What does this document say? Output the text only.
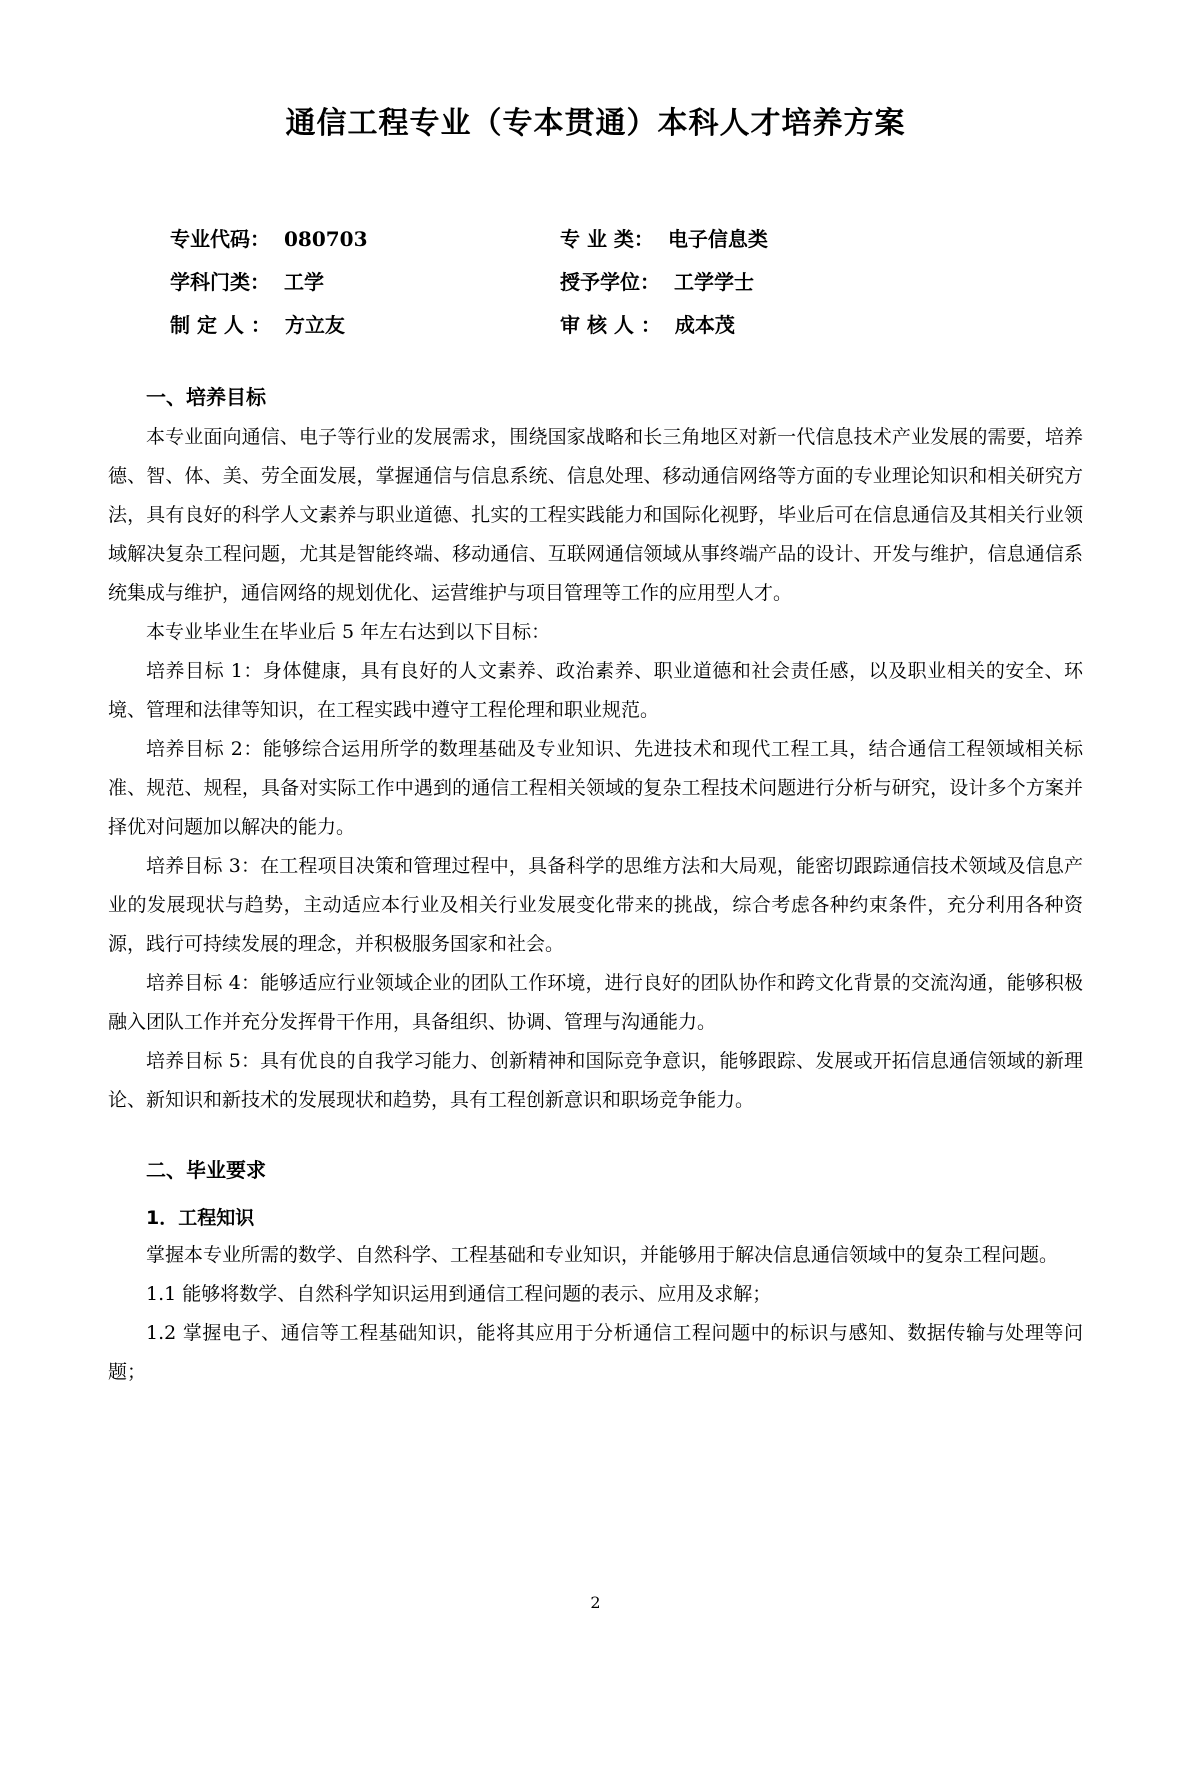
通信工程专业（专本贯通）本科人才培养方案
专业代码： 080703	专 业 类： 电子信息类
学科门类： 工学	授予学位： 工学学士
制 定 人 ： 方立友	审 核 人 ： 成本茂
一、培养目标

本专业面向通信、电子等行业的发展需求，围绕国家战略和长三角地区对新一代信息技术产业发展的需要，培养德、智、体、美、劳全面发展，掌握通信与信息系统、信息处理、移动通信网络等方面的专业理论知识和相关研究方法，具有良好的科学人文素养与职业道德、扎实的工程实践能力和国际化视野，毕业后可在信息通信及其相关行业领域解决复杂工程问题，尤其是智能终端、移动通信、互联网通信领域从事终端产品的设计、开发与维护，信息通信系统集成与维护，通信网络的规划优化、运营维护与项目管理等工作的应用型人才。

本专业毕业生在毕业后 5 年左右达到以下目标：

培养目标 1：身体健康，具有良好的人文素养、政治素养、职业道德和社会责任感，以及职业相关的安全、环境、管理和法律等知识，在工程实践中遵守工程伦理和职业规范。

培养目标 2：能够综合运用所学的数理基础及专业知识、先进技术和现代工程工具，结合通信工程领域相关标准、规范、规程，具备对实际工作中遇到的通信工程相关领域的复杂工程技术问题进行分析与研究，设计多个方案并择优对问题加以解决的能力。

培养目标 3：在工程项目决策和管理过程中，具备科学的思维方法和大局观，能密切跟踪通信技术领域及信息产业的发展现状与趋势，主动适应本行业及相关行业发展变化带来的挑战，综合考虑各种约束条件，充分利用各种资源，践行可持续发展的理念，并积极服务国家和社会。

培养目标 4：能够适应行业领域企业的团队工作环境，进行良好的团队协作和跨文化背景的交流沟通，能够积极融入团队工作并充分发挥骨干作用，具备组织、协调、管理与沟通能力。

培养目标 5：具有优良的自我学习能力、创新精神和国际竞争意识，能够跟踪、发展或开拓信息通信领域的新理论、新知识和新技术的发展现状和趋势，具有工程创新意识和职场竞争能力。

二、毕业要求
1．工程知识

掌握本专业所需的数学、自然科学、工程基础和专业知识，并能够用于解决信息通信领域中的复杂工程问题。

1.1 能够将数学、自然科学知识运用到通信工程问题的表示、应用及求解；

1.2 掌握电子、通信等工程基础知识，能将其应用于分析通信工程问题中的标识与感知、数据传输与处理等问题；

2
